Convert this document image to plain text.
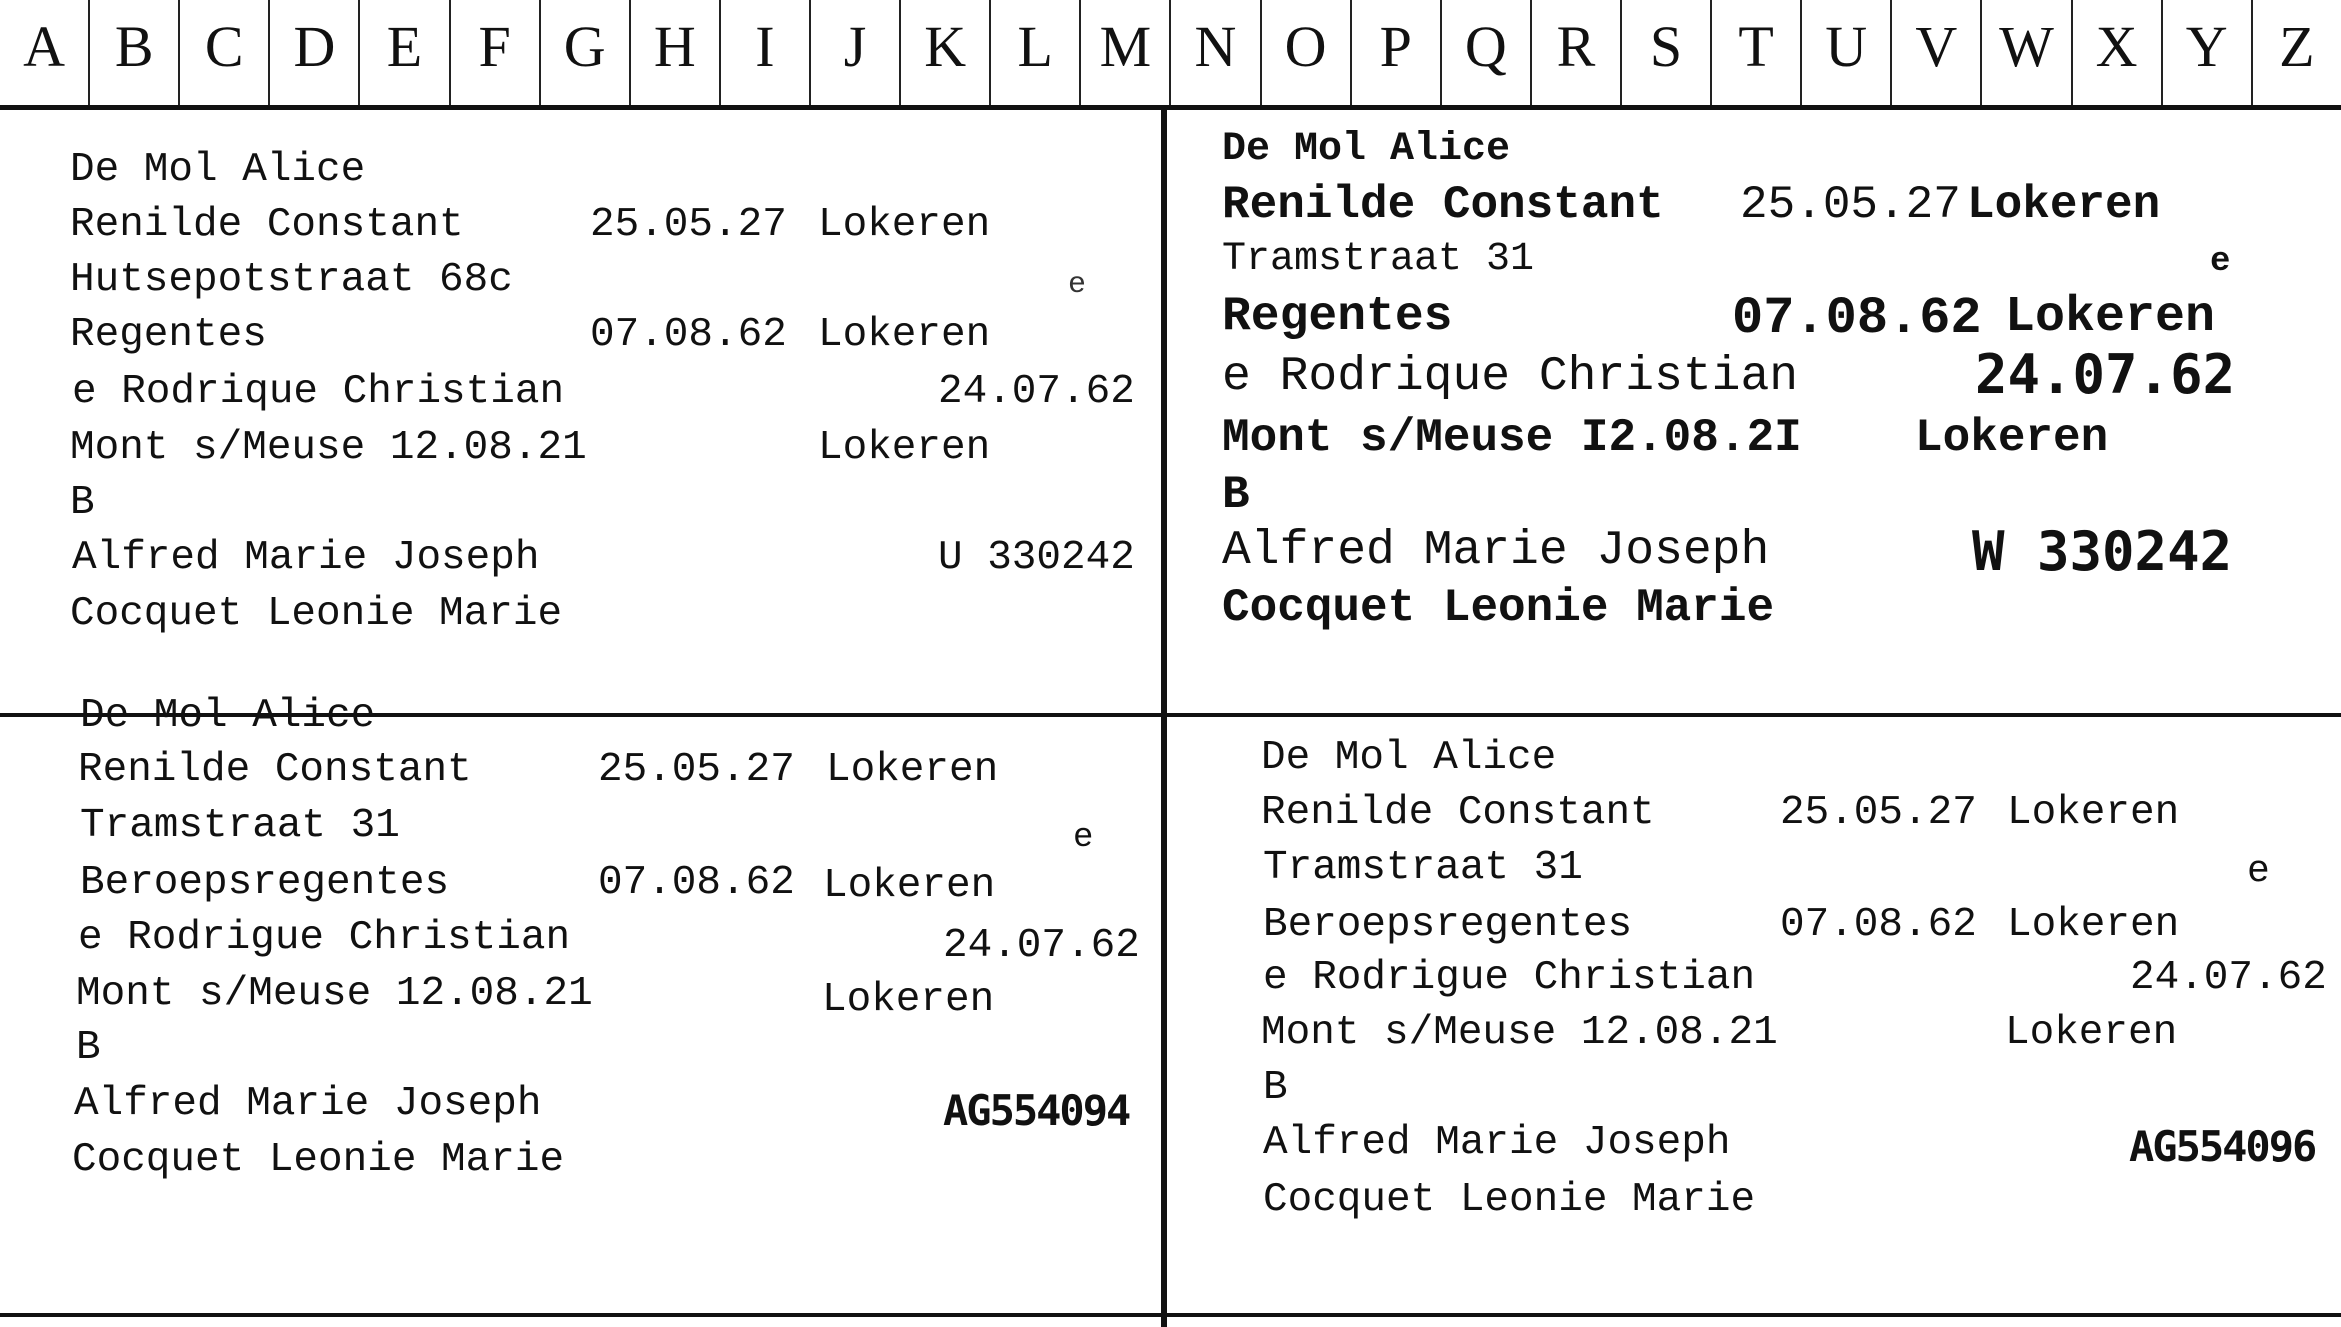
A B C D E F G H	I	J K L M N O P Q R S T U V W X Y Z
De Mol Alice
Renilde Constant	25.05.27 Lokeren
Hutsepotstraat 68c	e
Regentes	07.08.62 Lokeren
e Rodrique Christian	24.07.62
Mont s/Meuse 12.08.21	Lokeren
B
Alfred Marie Joseph	U 330242
Cocquet Leonie Marie
De Mol Alice
Renilde Constant 25.05.27 Lokeren
Tramstraat 31	e
Regentes	07.08.62 Lokeren
e Rodrique Christian	24.07.62
Mont s/Meuse I2.08.2I Lokeren
B
Alfred Marie Joseph	W 330242
Cocquet Leonie Marie
De Mol Alice
Renilde Constant	25.05.27 Lokeren
Tramstraat 31	e
Beroepsregentes	07.08.62 Lokeren
e Rodrigue Christian	24.07.62
Mont s/Meuse 12.08.21	Lokeren
B
Alfred Marie Joseph	AG554094
Cocquet Leonie Marie
De Mol Alice
Renilde Constant	25.05.27 Lokeren
Tramstraat 31	e
Beroepsregentes	07.08.62 Lokeren
e Rodrigue Christian	24.07.62
Mont s/Meuse 12.08.21	Lokeren
B
Alfred Marie Joseph	AG554096
Cocquet Leonie Marie
